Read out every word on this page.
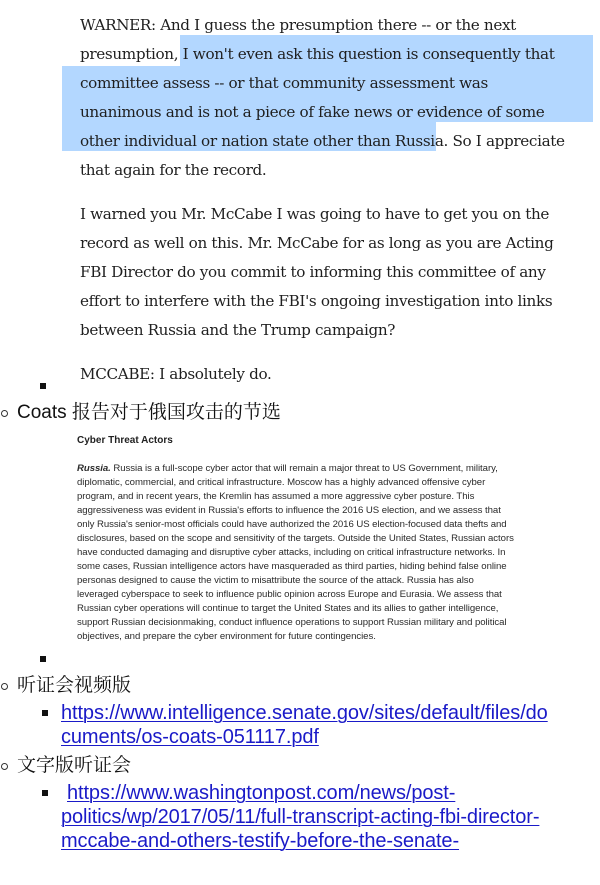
WARNER: And I guess the presumption there -- or the next
presumption, I won't even ask this question is consequently that
committee assess -- or that community assessment was
unanimous and is not a piece of fake news or evidence of some
other individual or nation state other than Russia. So I appreciate
that again for the record.
I warned you Mr. McCabe I was going to have to get you on the
record as well on this. Mr. McCabe for as long as you are Acting
FBI Director do you commit to informing this committee of any
effort to interfere with the FBI's ongoing investigation into links
between Russia and the Trump campaign?
MCCABE: I absolutely do.
Coats 报告对于俄国攻击的节选
Cyber Threat Actors
Russia. Russia is a full-scope cyber actor that will remain a major threat to US Government, military,
diplomatic, commercial, and critical infrastructure. Moscow has a highly advanced offensive cyber
program, and in recent years, the Kremlin has assumed a more aggressive cyber posture. This
aggressiveness was evident in Russia's efforts to influence the 2016 US election, and we assess that
only Russia's senior-most officials could have authorized the 2016 US election-focused data thefts and
disclosures, based on the scope and sensitivity of the targets. Outside the United States, Russian actors
have conducted damaging and disruptive cyber attacks, including on critical infrastructure networks. In
some cases, Russian intelligence actors have masqueraded as third parties, hiding behind false online
personas designed to cause the victim to misattribute the source of the attack. Russia has also
leveraged cyberspace to seek to influence public opinion across Europe and Eurasia. We assess that
Russian cyber operations will continue to target the United States and its allies to gather intelligence,
support Russian decisionmaking, conduct influence operations to support Russian military and political
objectives, and prepare the cyber environment for future contingencies.
听证会视频版
https://www.intelligence.senate.gov/sites/default/files/do
cuments/os-coats-051117.pdf
文字版听证会
https://www.washingtonpost.com/news/post-
politics/wp/2017/05/11/full-transcript-acting-fbi-director-
mccabe-and-others-testify-before-the-senate-
